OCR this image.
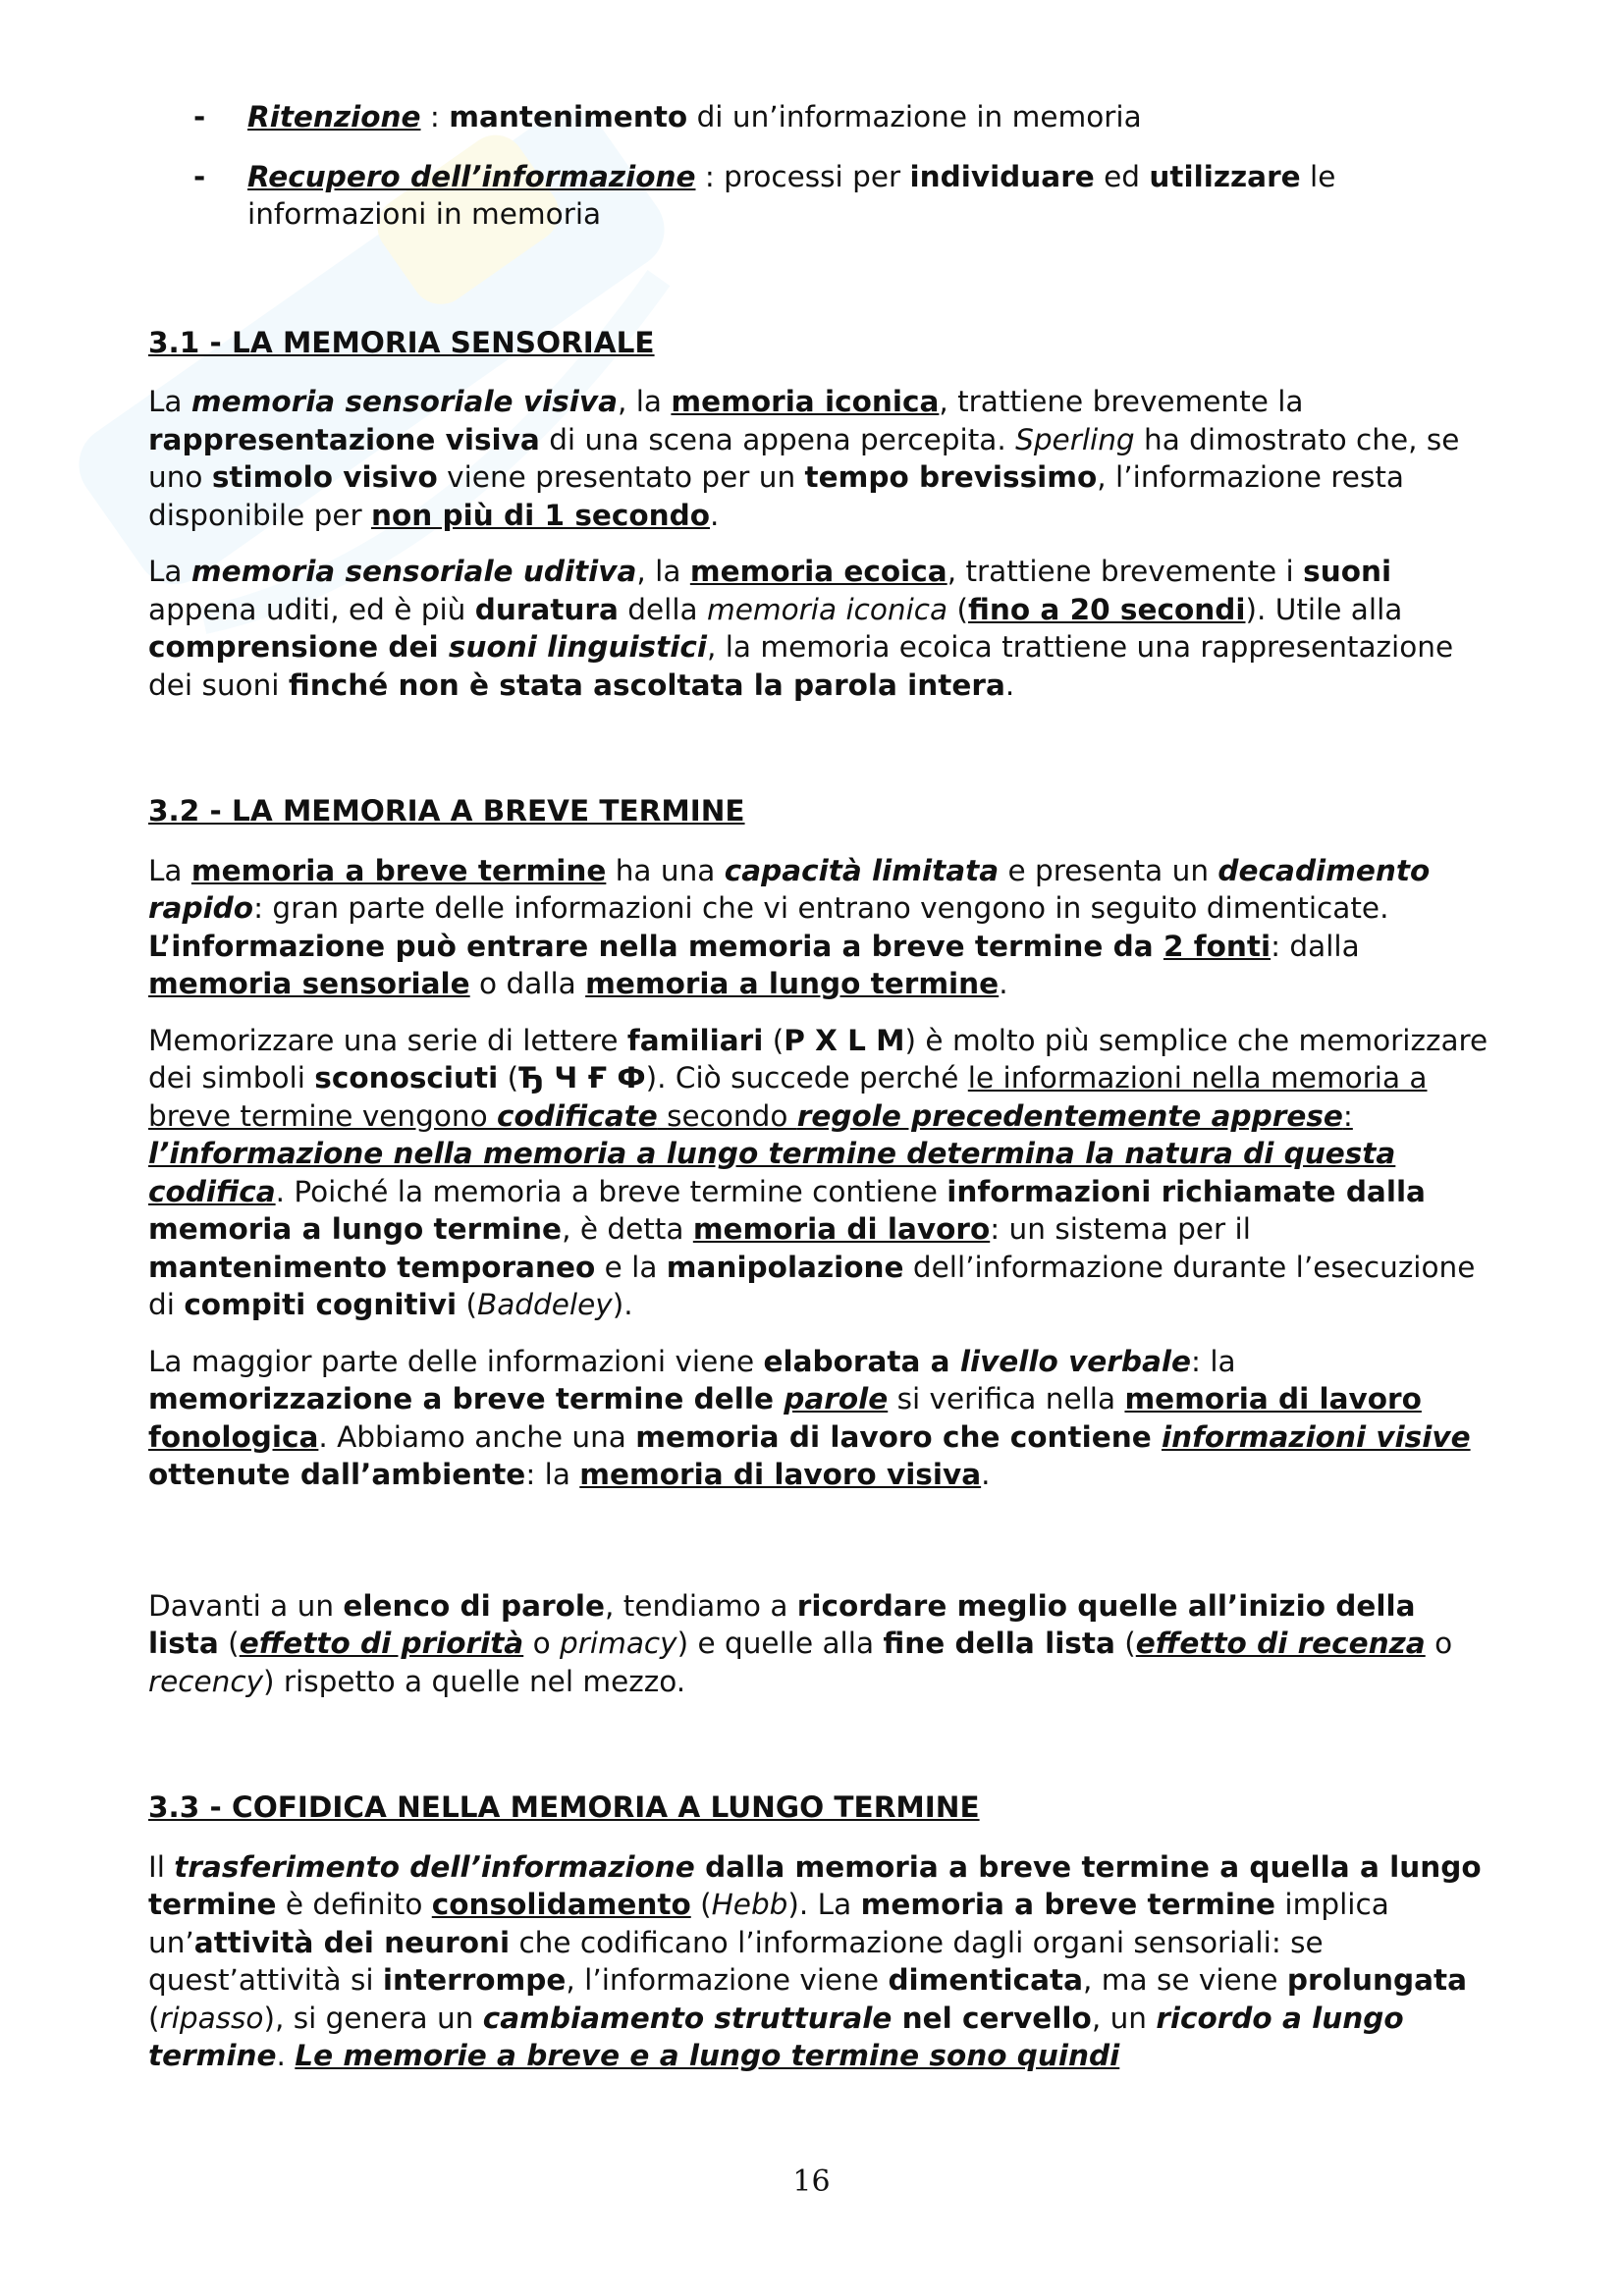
- Ritenzione : mantenimento di un’informazione in memoria

- Recupero dell’informazione : processi per individuare ed utilizzare le informazioni in memoria

3.1 - LA MEMORIA SENSORIALE

La memoria sensoriale visiva, la memoria iconica, trattiene brevemente la rappresentazione visiva di una scena appena percepita. Sperling ha dimostrato che, se uno stimolo visivo viene presentato per un tempo brevissimo, l’informazione resta disponibile per non più di 1 secondo.

La memoria sensoriale uditiva, la memoria ecoica, trattiene brevemente i suoni appena uditi, ed è più duratura della memoria iconica (fino a 20 secondi). Utile alla comprensione dei suoni linguistici, la memoria ecoica trattiene una rappresentazione dei suoni finché non è stata ascoltata la parola intera.

3.2 - LA MEMORIA A BREVE TERMINE

La memoria a breve termine ha una capacità limitata e presenta un decadimento rapido: gran parte delle informazioni che vi entrano vengono in seguito dimenticate. L’informazione può entrare nella memoria a breve termine da 2 fonti: dalla memoria sensoriale o dalla memoria a lungo termine.

Memorizzare una serie di lettere familiari (P X L M) è molto più semplice che memorizzare dei simboli sconosciuti (Ђ Ч Ғ Ф). Ciò succede perché le informazioni nella memoria a breve termine vengono codificate secondo regole precedentemente apprese: l’informazione nella memoria a lungo termine determina la natura di questa codifica. Poiché la memoria a breve termine contiene informazioni richiamate dalla memoria a lungo termine, è detta memoria di lavoro: un sistema per il mantenimento temporaneo e la manipolazione dell’informazione durante l’esecuzione di compiti cognitivi (Baddeley).

La maggior parte delle informazioni viene elaborata a livello verbale: la memorizzazione a breve termine delle parole si verifica nella memoria di lavoro fonologica. Abbiamo anche una memoria di lavoro che contiene informazioni visive ottenute dall’ambiente: la memoria di lavoro visiva.

Davanti a un elenco di parole, tendiamo a ricordare meglio quelle all’inizio della lista (effetto di priorità o primacy) e quelle alla fine della lista (effetto di recenza o recency) rispetto a quelle nel mezzo.

3.3 - COFIDICA NELLA MEMORIA A LUNGO TERMINE

Il trasferimento dell’informazione dalla memoria a breve termine a quella a lungo termine è definito consolidamento (Hebb). La memoria a breve termine implica un’attività dei neuroni che codificano l’informazione dagli organi sensoriali: se quest’attività si interrompe, l’informazione viene dimenticata, ma se viene prolungata (ripasso), si genera un cambiamento strutturale nel cervello, un ricordo a lungo termine. Le memorie a breve e a lungo termine sono quindi

16
